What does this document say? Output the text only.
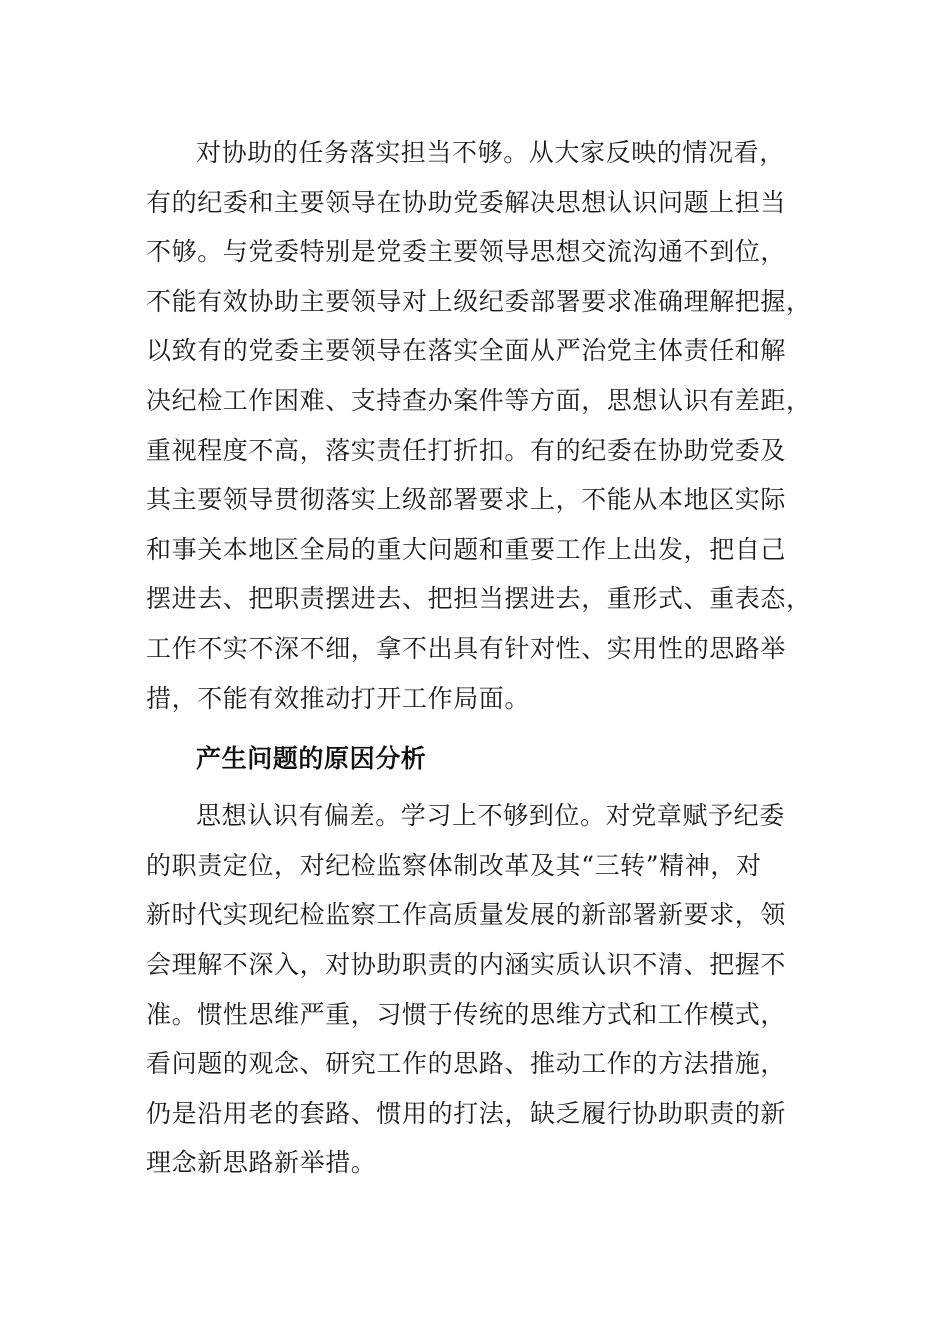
对协助的任务落实担当不够。从大家反映的情况看，
有的纪委和主要领导在协助党委解决思想认识问题上担当
不够。与党委特别是党委主要领导思想交流沟通不到位，
不能有效协助主要领导对上级纪委部署要求准确理解把握，
以致有的党委主要领导在落实全面从严治党主体责任和解
决纪检工作困难、支持查办案件等方面，思想认识有差距，
重视程度不高，落实责任打折扣。有的纪委在协助党委及
其主要领导贯彻落实上级部署要求上，不能从本地区实际
和事关本地区全局的重大问题和重要工作上出发，把自己
摆进去、把职责摆进去、把担当摆进去，重形式、重表态，
工作不实不深不细，拿不出具有针对性、实用性的思路举
措，不能有效推动打开工作局面。
产生问题的原因分析
思想认识有偏差。学习上不够到位。对党章赋予纪委
的职责定位，对纪检监察体制改革及其“三转”精神，对
新时代实现纪检监察工作高质量发展的新部署新要求，领
会理解不深入，对协助职责的内涵实质认识不清、把握不
准。惯性思维严重，习惯于传统的思维方式和工作模式，
看问题的观念、研究工作的思路、推动工作的方法措施，
仍是沿用老的套路、惯用的打法，缺乏履行协助职责的新
理念新思路新举措。
